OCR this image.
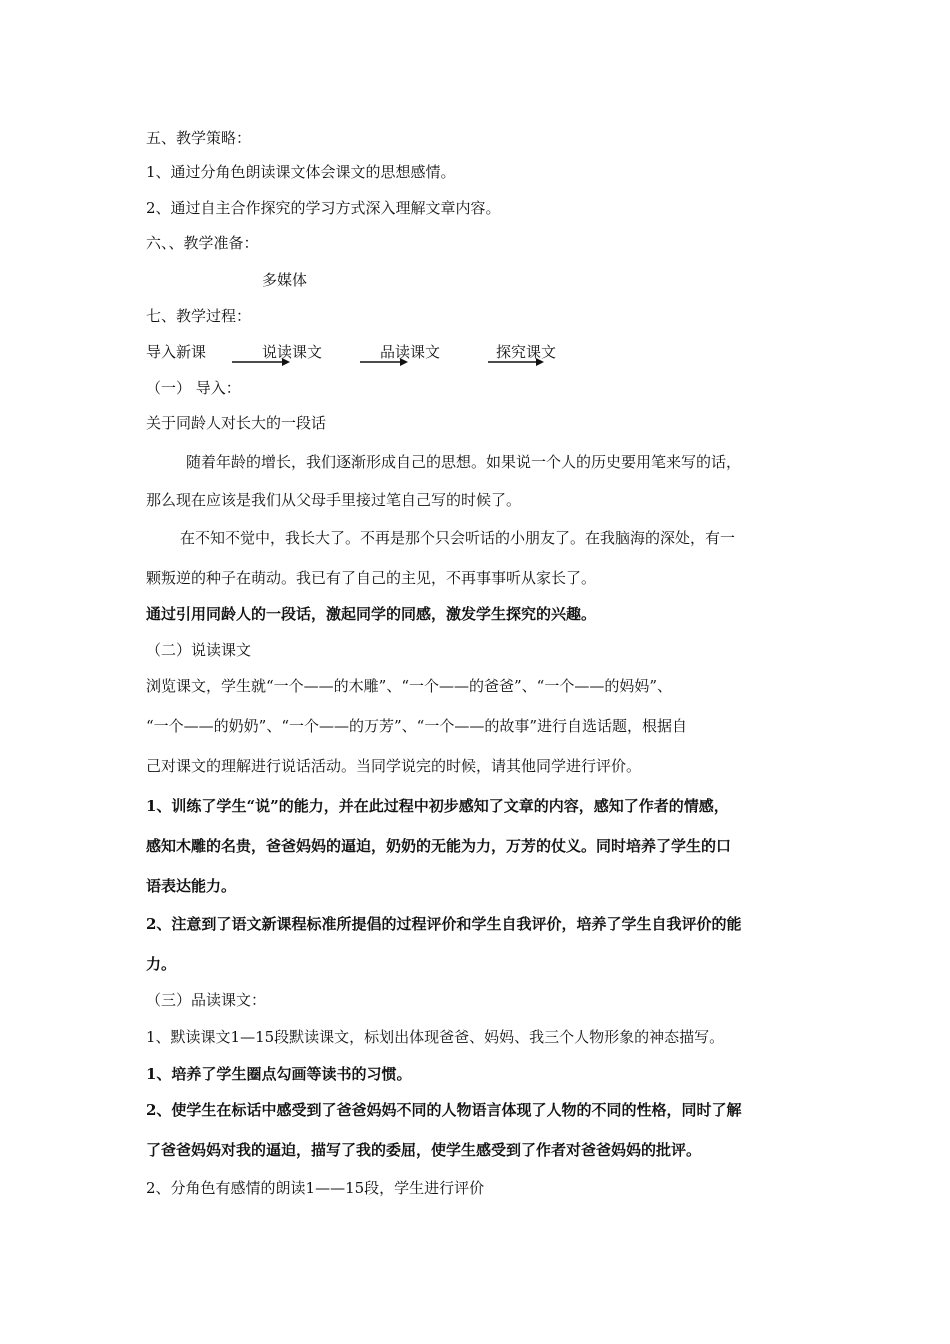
五、教学策略：

1、通过分角色朗读课文体会课文的思想感情。

2、通过自主合作探究的学习方式深入理解文章内容。

六、、教学准备：

多媒体

七、教学过程：

导入新课	说读课文	品读课文	探究课文

（一） 导入：

关于同龄人对长大的一段话

随着年龄的增长，我们逐渐形成自己的思想。如果说一个人的历史要用笔来写的话，

那么现在应该是我们从父母手里接过笔自己写的时候了。

在不知不觉中，我长大了。不再是那个只会听话的小朋友了。在我脑海的深处，有一

颗叛逆的种子在萌动。我已有了自己的主见，不再事事听从家长了。

通过引用同龄人的一段话，激起同学的同感，激发学生探究的兴趣。

（二）说读课文

浏览课文，学生就“一个——的木雕”、“一个——的爸爸”、“一个——的妈妈”、

“一个——的奶奶”、“一个——的万芳”、“一个——的故事”进行自选话题，根据自

己对课文的理解进行说话活动。当同学说完的时候，请其他同学进行评价。

1、训练了学生“说”的能力，并在此过程中初步感知了文章的内容，感知了作者的情感，

感知木雕的名贵，爸爸妈妈的逼迫，奶奶的无能为力，万芳的仗义。同时培养了学生的口

语表达能力。

2、注意到了语文新课程标准所提倡的过程评价和学生自我评价，培养了学生自我评价的能

力。

（三）品读课文：

1、默读课文1—15段默读课文，标划出体现爸爸、妈妈、我三个人物形象的神态描写。

1、培养了学生圈点勾画等读书的习惯。

2、使学生在标话中感受到了爸爸妈妈不同的人物语言体现了人物的不同的性格，同时了解

了爸爸妈妈对我的逼迫，描写了我的委屈，使学生感受到了作者对爸爸妈妈的批评。

2、分角色有感情的朗读1——15段，学生进行评价
